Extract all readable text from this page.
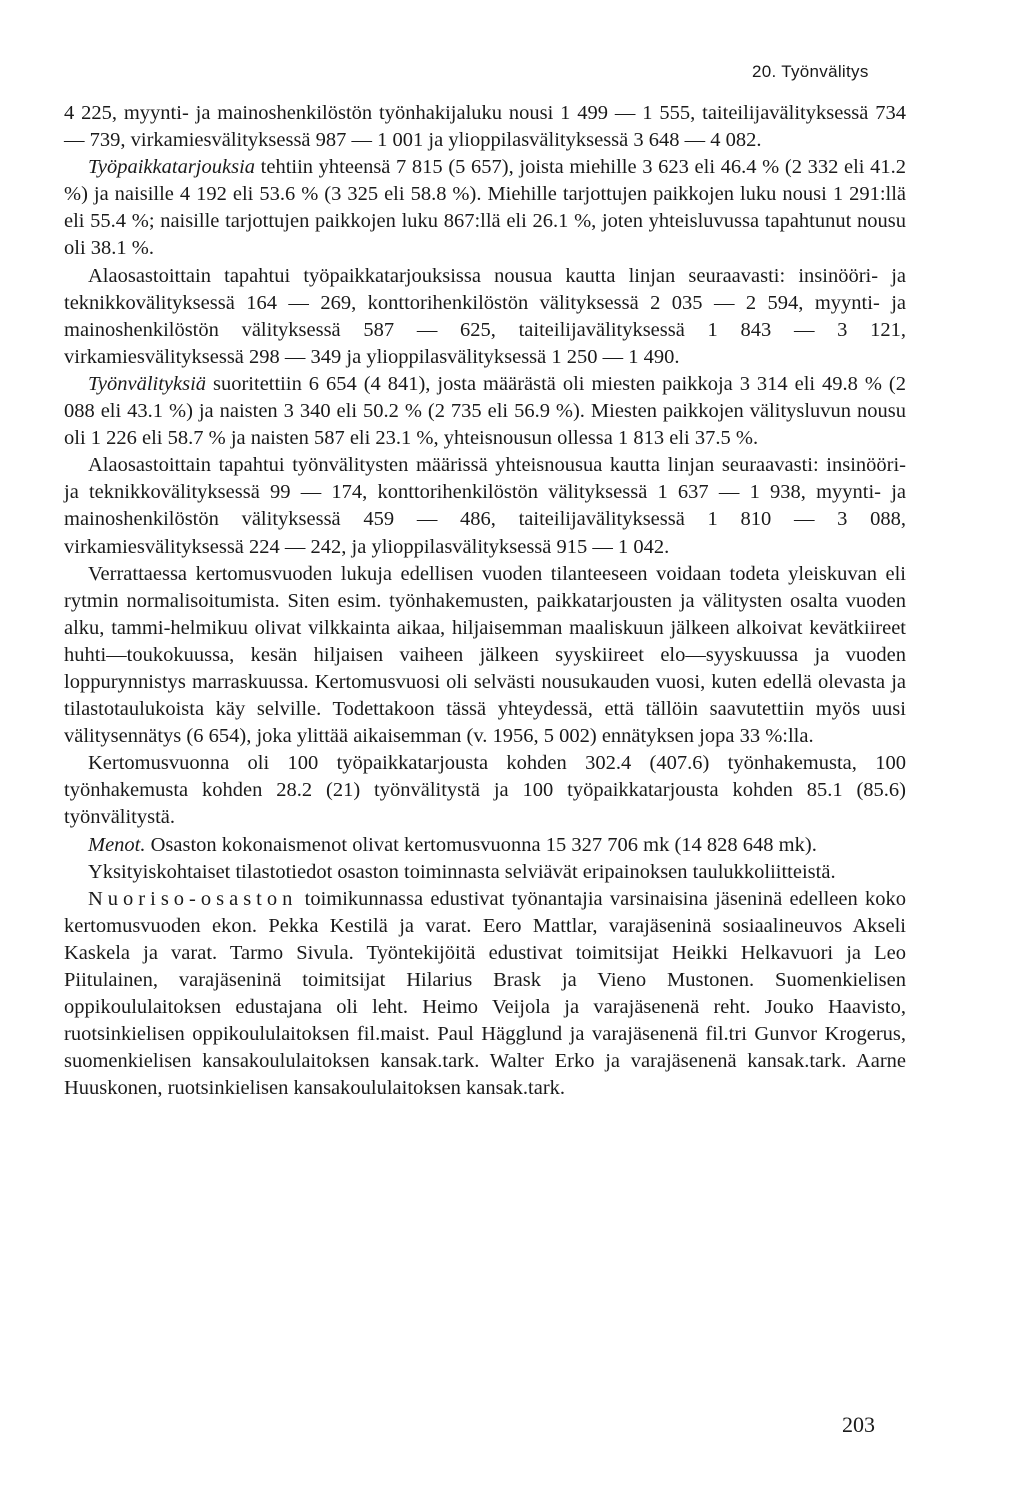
20. Työnvälitys

4 225, myynti- ja mainoshenkilöstön työnhakijaluku nousi 1 499 — 1 555, taiteilijavälityksessä 734 — 739, virkamiesvälityksessä 987 — 1 001 ja ylioppilasvälityksessä 3 648 — 4 082.

Työpaikkatarjouksia tehtiin yhteensä 7 815 (5 657), joista miehille 3 623 eli 46.4 % (2 332 eli 41.2 %) ja naisille 4 192 eli 53.6 % (3 325 eli 58.8 %). Miehille tarjottujen paikkojen luku nousi 1 291:llä eli 55.4 %; naisille tarjottujen paikkojen luku 867:llä eli 26.1 %, joten yhteisluvussa tapahtunut nousu oli 38.1 %.

Alaosastoittain tapahtui työpaikkatarjouksissa nousua kautta linjan seuraavasti: insinööri- ja teknikkovälityksessä 164 — 269, konttorihenkilöstön välityksessä 2 035 — 2 594, myynti- ja mainoshenkilöstön välityksessä 587 — 625, taiteilijavälityksessä 1 843 — 3 121, virkamiesvälityksessä 298 — 349 ja ylioppilasvälityksessä 1 250 — 1 490.

Työnvälityksiä suoritettiin 6 654 (4 841), josta määrästä oli miesten paikkoja 3 314 eli 49.8 % (2 088 eli 43.1 %) ja naisten 3 340 eli 50.2 % (2 735 eli 56.9 %). Miesten paikkojen välitysluvun nousu oli 1 226 eli 58.7 % ja naisten 587 eli 23.1 %, yhteisnousun ollessa 1 813 eli 37.5 %.

Alaosastoittain tapahtui työnvälitysten määrissä yhteisnousua kautta linjan seuraavasti: insinööri- ja teknikkovälityksessä 99 — 174, konttorihenkilöstön välityksessä 1 637 — 1 938, myynti- ja mainoshenkilöstön välityksessä 459 — 486, taiteilijavälityksessä 1 810 — 3 088, virkamiesvälityksessä 224 — 242, ja ylioppilasvälityksessä 915 — 1 042.

Verrattaessa kertomusvuoden lukuja edellisen vuoden tilanteeseen voidaan todeta yleiskuvan eli rytmin normalisoitumista. Siten esim. työnhakemusten, paikkatarjousten ja välitysten osalta vuoden alku, tammi-helmikuu olivat vilkkainta aikaa, hiljaisemman maaliskuun jälkeen alkoivat kevätkiireet huhti—toukokuussa, kesän hiljaisen vaiheen jälkeen syyskiireet elo—syyskuussa ja vuoden loppurynnistys marraskuussa. Kertomusvuosi oli selvästi nousukauden vuosi, kuten edellä olevasta ja tilastotaulukoista käy selville. Todettakoon tässä yhteydessä, että tällöin saavutettiin myös uusi välitysennätys (6 654), joka ylittää aikaisemman (v. 1956, 5 002) ennätyksen jopa 33 %:lla.

Kertomusvuonna oli 100 työpaikkatarjousta kohden 302.4 (407.6) työnhakemusta, 100 työnhakemusta kohden 28.2 (21) työnvälitystä ja 100 työpaikkatarjousta kohden 85.1 (85.6) työnvälitystä.

Menot. Osaston kokonaismenot olivat kertomusvuonna 15 327 706 mk (14 828 648 mk).

Yksityiskohtaiset tilastotiedot osaston toiminnasta selviävät eripainoksen taulukkoliitteistä.

Nuoriso-osaston toimikunnassa edustivat työnantajia varsinaisina jäseninä edelleen koko kertomusvuoden ekon. Pekka Kestilä ja varat. Eero Mattlar, varajäseninä sosiaalineuvos Akseli Kaskela ja varat. Tarmo Sivula. Työntekijöitä edustivat toimitsijat Heikki Helkavuori ja Leo Piitulainen, varajäseninä toimitsijat Hilarius Brask ja Vieno Mustonen. Suomenkielisen oppikoululaitoksen edustajana oli leht. Heimo Veijola ja varajäsenenä reht. Jouko Haavisto, ruotsinkielisen oppikoululaitoksen fil.maist. Paul Hägglund ja varajäsenenä fil.tri Gunvor Krogerus, suomenkielisen kansakoululaitoksen kansak.tark. Walter Erko ja varajäsenenä kansak.tark. Aarne Huuskonen, ruotsinkielisen kansakoululaitoksen kansak.tark.

203
